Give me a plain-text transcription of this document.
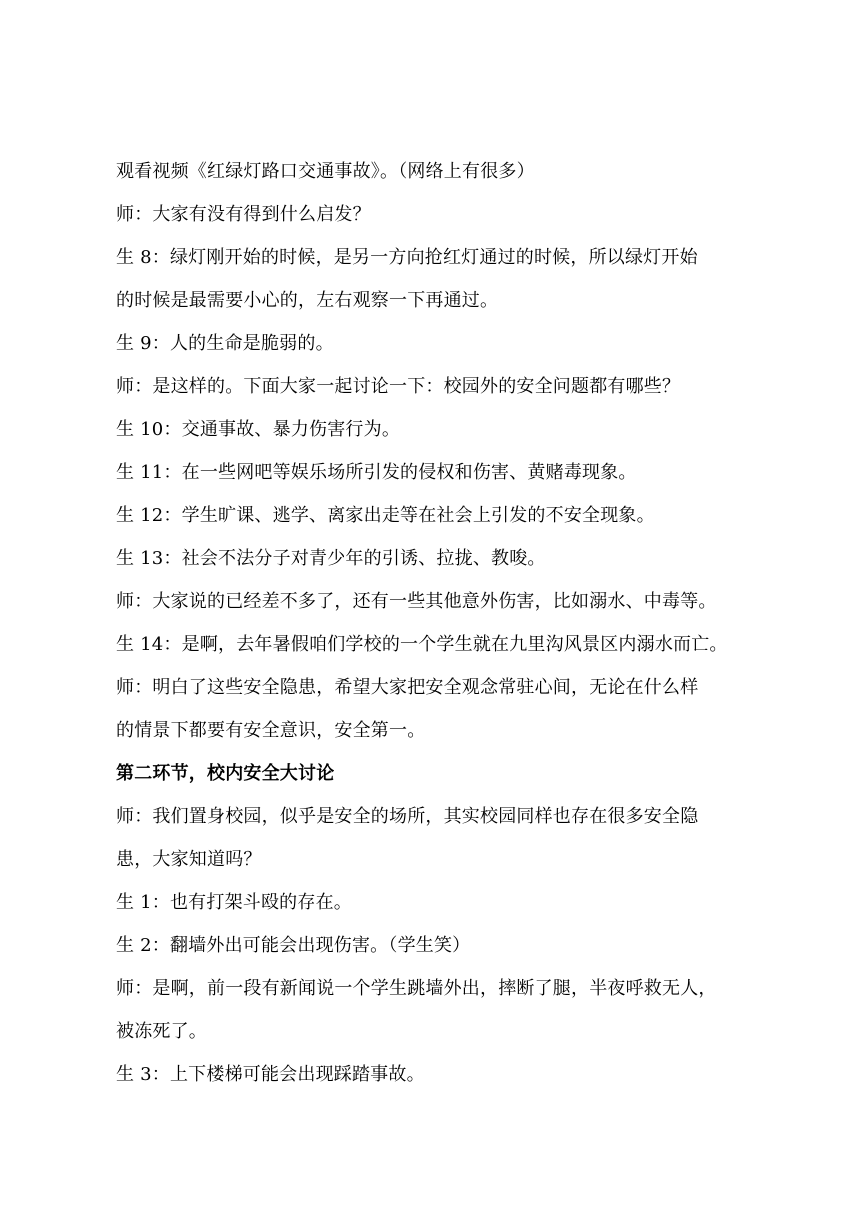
观看视频《红绿灯路口交通事故》。（网络上有很多）
师：大家有没有得到什么启发？
生 8：绿灯刚开始的时候，是另一方向抢红灯通过的时候，所以绿灯开始
的时候是最需要小心的，左右观察一下再通过。
生 9：人的生命是脆弱的。
师：是这样的。下面大家一起讨论一下：校园外的安全问题都有哪些？
生 10：交通事故、暴力伤害行为。
生 11：在一些网吧等娱乐场所引发的侵权和伤害、黄赌毒现象。
生 12：学生旷课、逃学、离家出走等在社会上引发的不安全现象。
生 13：社会不法分子对青少年的引诱、拉拢、教唆。
师：大家说的已经差不多了，还有一些其他意外伤害，比如溺水、中毒等。
生 14：是啊，去年暑假咱们学校的一个学生就在九里沟风景区内溺水而亡。
师：明白了这些安全隐患，希望大家把安全观念常驻心间，无论在什么样
的情景下都要有安全意识，安全第一。
第二环节，校内安全大讨论
师：我们置身校园，似乎是安全的场所，其实校园同样也存在很多安全隐
患，大家知道吗？
生 1：也有打架斗殴的存在。
生 2：翻墙外出可能会出现伤害。（学生笑）
师：是啊，前一段有新闻说一个学生跳墙外出，摔断了腿，半夜呼救无人，
被冻死了。
生 3：上下楼梯可能会出现踩踏事故。
